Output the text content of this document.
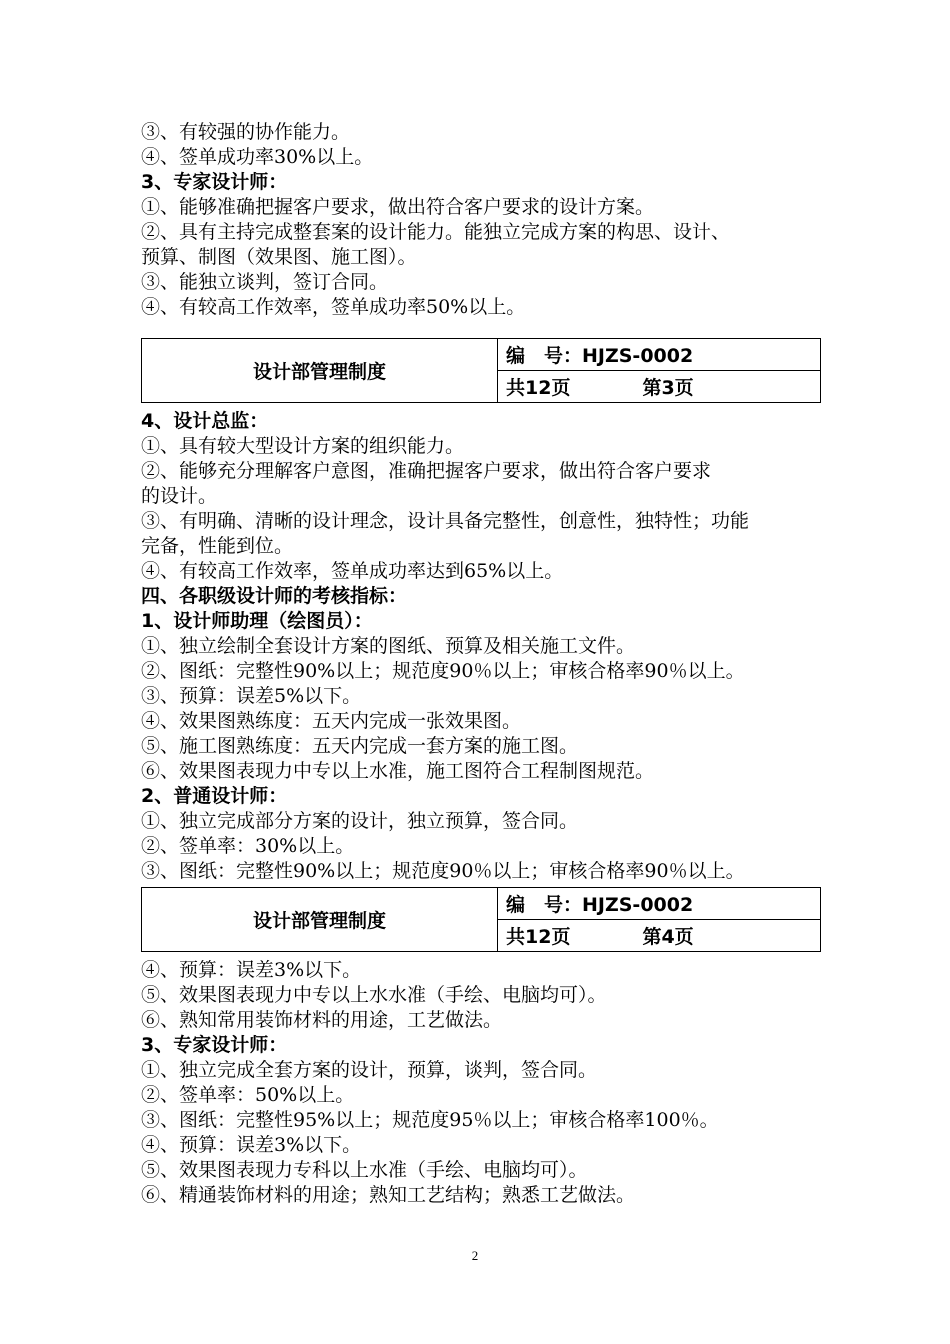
③、有较强的协作能力。
④、签单成功率30%以上。
3、专家设计师：
①、能够准确把握客户要求，做出符合客户要求的设计方案。
②、具有主持完成整套案的设计能力。能独立完成方案的构思、设计、
预算、制图（效果图、施工图）。
③、能独立谈判，签订合同。
④、有较高工作效率，签单成功率50%以上。
设计部管理制度	编　号：HJZS-0002
共12页	第3页
4、设计总监：
①、具有较大型设计方案的组织能力。
②、能够充分理解客户意图，准确把握客户要求，做出符合客户要求
的设计。
③、有明确、清晰的设计理念，设计具备完整性，创意性，独特性；功能
完备，性能到位。
④、有较高工作效率，签单成功率达到65%以上。
四、各职级设计师的考核指标：
1、设计师助理（绘图员）：
①、独立绘制全套设计方案的图纸、预算及相关施工文件。
②、图纸：完整性90%以上；规范度90％以上；审核合格率90％以上。
③、预算：误差5%以下。
④、效果图熟练度：五天内完成一张效果图。
⑤、施工图熟练度：五天内完成一套方案的施工图。
⑥、效果图表现力中专以上水准，施工图符合工程制图规范。
2、普通设计师：
①、独立完成部分方案的设计，独立预算，签合同。
②、签单率：30%以上。
③、图纸：完整性90%以上；规范度90％以上；审核合格率90％以上。
设计部管理制度	编　号：HJZS-0002
共12页	第4页
④、预算：误差3%以下。
⑤、效果图表现力中专以上水水准（手绘、电脑均可）。
⑥、熟知常用装饰材料的用途，工艺做法。
3、专家设计师：
①、独立完成全套方案的设计，预算，谈判，签合同。
②、签单率：50%以上。
③、图纸：完整性95%以上；规范度95％以上；审核合格率100％。
④、预算：误差3%以下。
⑤、效果图表现力专科以上水准（手绘、电脑均可）。
⑥、精通装饰材料的用途；熟知工艺结构；熟悉工艺做法。
2
